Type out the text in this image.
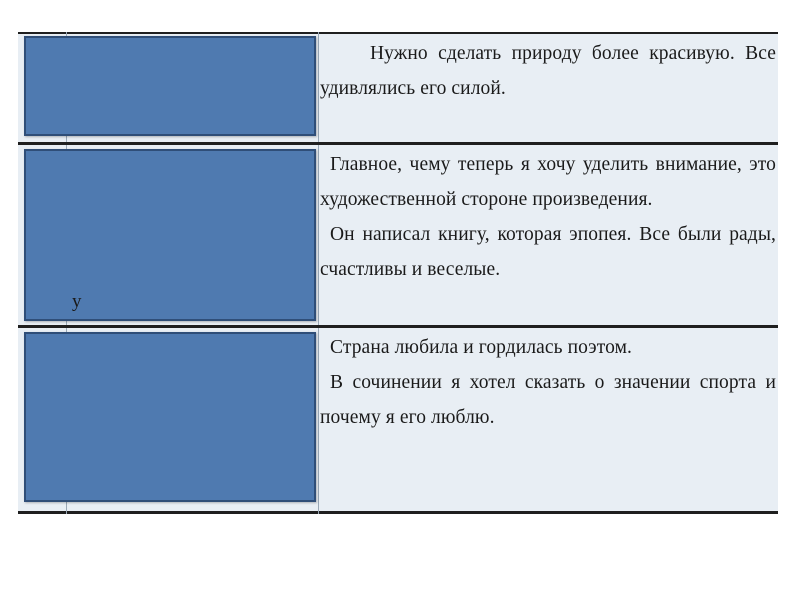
Нужно сделать природу более красивую. Все удивлялись его силой.

у

Главное, чему теперь я хочу уделить внимание, это художественной стороне произведения.

Он написал книгу, которая эпопея. Все были рады, счастливы и веселые.

Страна любила и гордилась поэтом.

В сочинении я хотел сказать о значении спорта и почему я его люблю.
